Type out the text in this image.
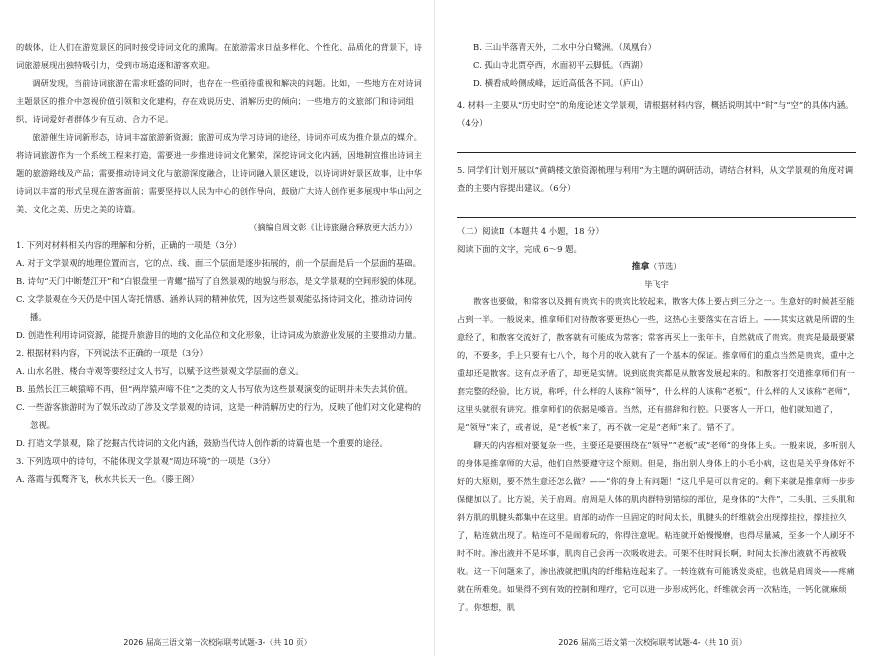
的载体，让人们在游览景区的同时接受诗词文化的熏陶。在旅游需求日益多样化、个性化、品质化的背景下，诗词旅游展现出独特吸引力，受到市场追逐和游客欢迎。

调研发现，当前诗词旅游在需求旺盛的同时，也存在一些亟待重视和解决的问题。比如，一些地方在对诗词主题景区的推介中忽视价值引领和文化建构，存在戏说历史、消解历史的倾向；一些地方的文旅部门和诗词组织、诗词爱好者群体少有互动、合力不足。

旅游催生诗词新形态，诗词丰富旅游新资源；旅游可成为学习诗词的途径，诗词亦可成为推介景点的媒介。将诗词旅游作为一个系统工程来打造，需要进一步推进诗词文化繁荣，深挖诗词文化内涵，因地制宜推出诗词主题的旅游路线及产品；需要推动诗词文化与旅游深度融合，让诗词融入景区建设，以诗词讲好景区故事，让中华诗词以丰富的形式呈现在游客面前；需要坚持以人民为中心的创作导向，鼓励广大诗人创作更多展现中华山河之美、文化之美、历史之美的诗篇。

（摘编自周文彰《让诗旅融合释放更大活力》）

1. 下列对材料相关内容的理解和分析，正确的一项是（3分）

A. 对于文学景观的地理位置而言，它的点、线、面三个层面是逐步拓展的，前一个层面是后一个层面的基础。

B. 诗句“天门中断楚江开”和“白银盘里一青螺”描写了自然景观的地貌与形态，是文学景观的空间形貌的体现。

C. 文学景观在今天仍是中国人寄托情感、涵养认同的精神依凭，因为这些景观能弘扬诗词文化，推动诗词传播。

D. 创造性利用诗词资源，能提升旅游目的地的文化品位和文化形象，让诗词成为旅游业发展的主要推动力量。

2. 根据材料内容，下列说法不正确的一项是（3分）

A. 山水名胜、楼台寺观等要经过文人书写，以赋予这些景观文学层面的意义。

B. 虽然长江三峡猿啼不再，但“两岸猿声啼不住”之类的文人书写依为这些景观演变的证明并未失去其价值。

C. 一些游客旅游时为了娱乐改动了涉及文学景观的诗词，这是一种消解历史的行为，反映了他们对文化建构的忽视。

D. 打造文学景观，除了挖掘古代诗词的文化内涵，鼓励当代诗人创作新的诗篇也是一个重要的途径。

3. 下列选项中的诗句，不能体现文学景观“周边环境”的一项是（3分）

A. 落霞与孤鹜齐飞，秋水共长天一色。（滕王阁）

2026 届高三语文第一次校际联考试题-3-（共 10 页）

B. 三山半落青天外，二水中分白鹭洲。（凤凰台）

C. 孤山寺北贾亭西，水面初平云脚低。（西湖）

D. 横看成岭侧成峰，远近高低各不同。（庐山）

4. 材料一主要从“历史时空”的角度论述文学景观，请根据材料内容，概括说明其中“时”与“空”的具体内涵。（4分）

5. 同学们计划开展以“黄鹤楼文旅资源梳理与利用”为主题的调研活动，请结合材料，从文学景观的角度对调查的主要内容提出建议。（6分）

（二）阅读Ⅱ（本题共 4 小题，18 分）

阅读下面的文字，完成 6～9 题。

推拿（节选）

毕飞宇

散客也要做，和常客以及拥有贵宾卡的贵宾比较起来，散客大体上要占到三分之一。生意好的时候甚至能占到一半。一般说来，推拿师们对待散客要更热心一些，这热心主要落实在言语上。——其实这就是所谓的生意经了，和散客交流好了，散客就有可能成为常客；常客再买上一张年卡，自然就成了贵宾。贵宾是最最要紧的，不要多，手上只要有七八个，每个月的收入就有了一个基本的保证。推拿师们的重点当然是贵宾，重中之重却还是散客。这有点矛盾了，却更是实情。说到底贵宾都是从散客发展起来的。和散客打交道推拿师们有一套完整的经验，比方说，称呼，什么样的人该称“领导”，什么样的人该称“老板”，什么样的人又该称“老师”，这里头就很有讲究。推拿师们的依据是嗓音。当然，还有措辞和行腔。只要客人一开口，他们就知道了，是“领导”来了，或者说，是“老板”来了，再不就一定是“老师”来了。错不了。

聊天的内容相对要复杂一些，主要还是要围绕在“领导”“老板”或“老师”的身体上头。一般来说，多听别人的身体是推拿师的大忌，他们自然要遵守这个原则。但是，指出别人身体上的小毛小病，这也是关乎身体好不好的大原则，要不然生意还怎么做？——“你的身上有问题！”这几乎是可以肯定的。剩下来就是推拿师一步步保健加以了。比方说，关于肩周。肩周是人体的肌肉群特别错综的部位，是身体的“大件”，二头肌、三头肌和斜方肌的肌腱头都集中在这里。肩部的动作一旦固定的时间太长，肌腱头的纤维就会出现撑挂拉，撑挂拉久了，粘连就出现了。粘连可不是闹着玩的，你得注意呢。粘连就开始慢慢磨，也得尽量减，至多一个人刷牙不时不时。渗出液并不是坏事，肌肉自己会再一次吸收进去。可架不住时间长啊，时间太长渗出液就不再被吸收。这一下问题来了，渗出液就把肌肉的纤维粘连起来了。一转连就有可能诱发炎症，也就是肩周炎——疼痛就在所难免。如果得不到有效的控制和理疗，它可以进一步形成钙化，纤维就会再一次粘连，一钙化就麻烦了。你想想，肌

2026 届高三语文第一次校际联考试题-4-（共 10 页）
